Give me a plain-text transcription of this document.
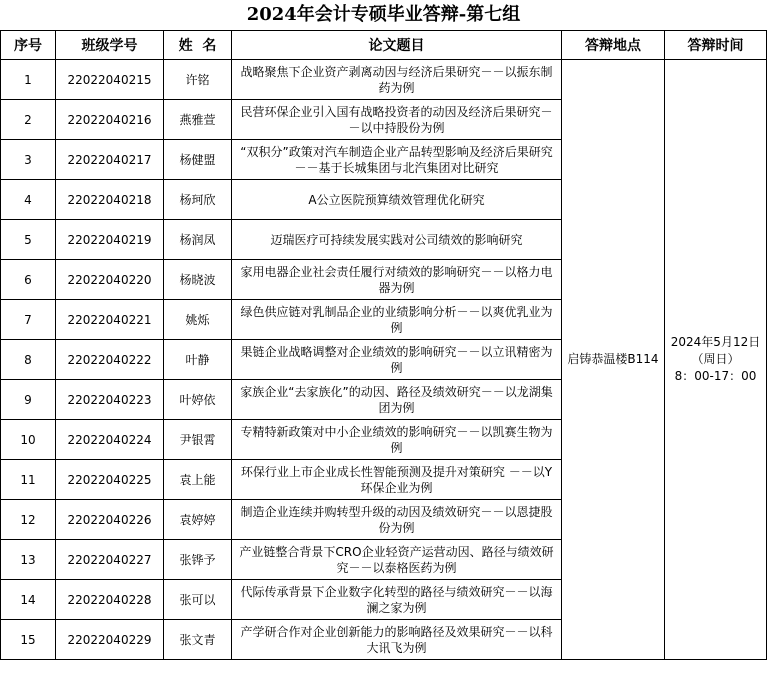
2024年会计专硕毕业答辩-第七组
序号	班级学号	姓  名	论文题目	答辩地点	答辩时间
1	22022040215	许铭	战略聚焦下企业资产剥离动因与经济后果研究－－以振东制药为例	启铸恭温楼B114	2024年5月12日
（周日）
8：00-17：00

2	22022040216	燕雅萱	民营环保企业引入国有战略投资者的动因及经济后果研究－－以中持股份为例		
3	22022040217	杨健盟	“双积分”政策对汽车制造企业产品转型影响及经济后果研究 －－基于长城集团与北汽集团对比研究		
4	22022040218	杨珂欣	A公立医院预算绩效管理优化研究		
5	22022040219	杨润凤	迈瑞医疗可持续发展实践对公司绩效的影响研究		
6	22022040220	杨晓波	家用电器企业社会责任履行对绩效的影响研究－－以格力电器为例		
7	22022040221	姚烁	绿色供应链对乳制品企业的业绩影响分析－－以爽优乳业为例		
8	22022040222	叶静	果链企业战略调整对企业绩效的影响研究－－以立讯精密为例		
9	22022040223	叶婷依	家族企业“去家族化”的动因、路径及绩效研究－－以龙湖集团为例		
10	22022040224	尹银霄	专精特新政策对中小企业绩效的影响研究－－以凯赛生物为例		
11	22022040225	袁上能	环保行业上市企业成长性智能预测及提升对策研究 －－以Y环保企业为例		
12	22022040226	袁婷婷	制造企业连续并购转型升级的动因及绩效研究－－以恩捷股份为例		
13	22022040227	张铧予	产业链整合背景下CRO企业轻资产运营动因、路径与绩效研究－－以泰格医药为例		
14	22022040228	张可以	代际传承背景下企业数字化转型的路径与绩效研究－－以海澜之家为例		
15	22022040229	张文青	产学研合作对企业创新能力的影响路径及效果研究－－以科大讯飞为例		
